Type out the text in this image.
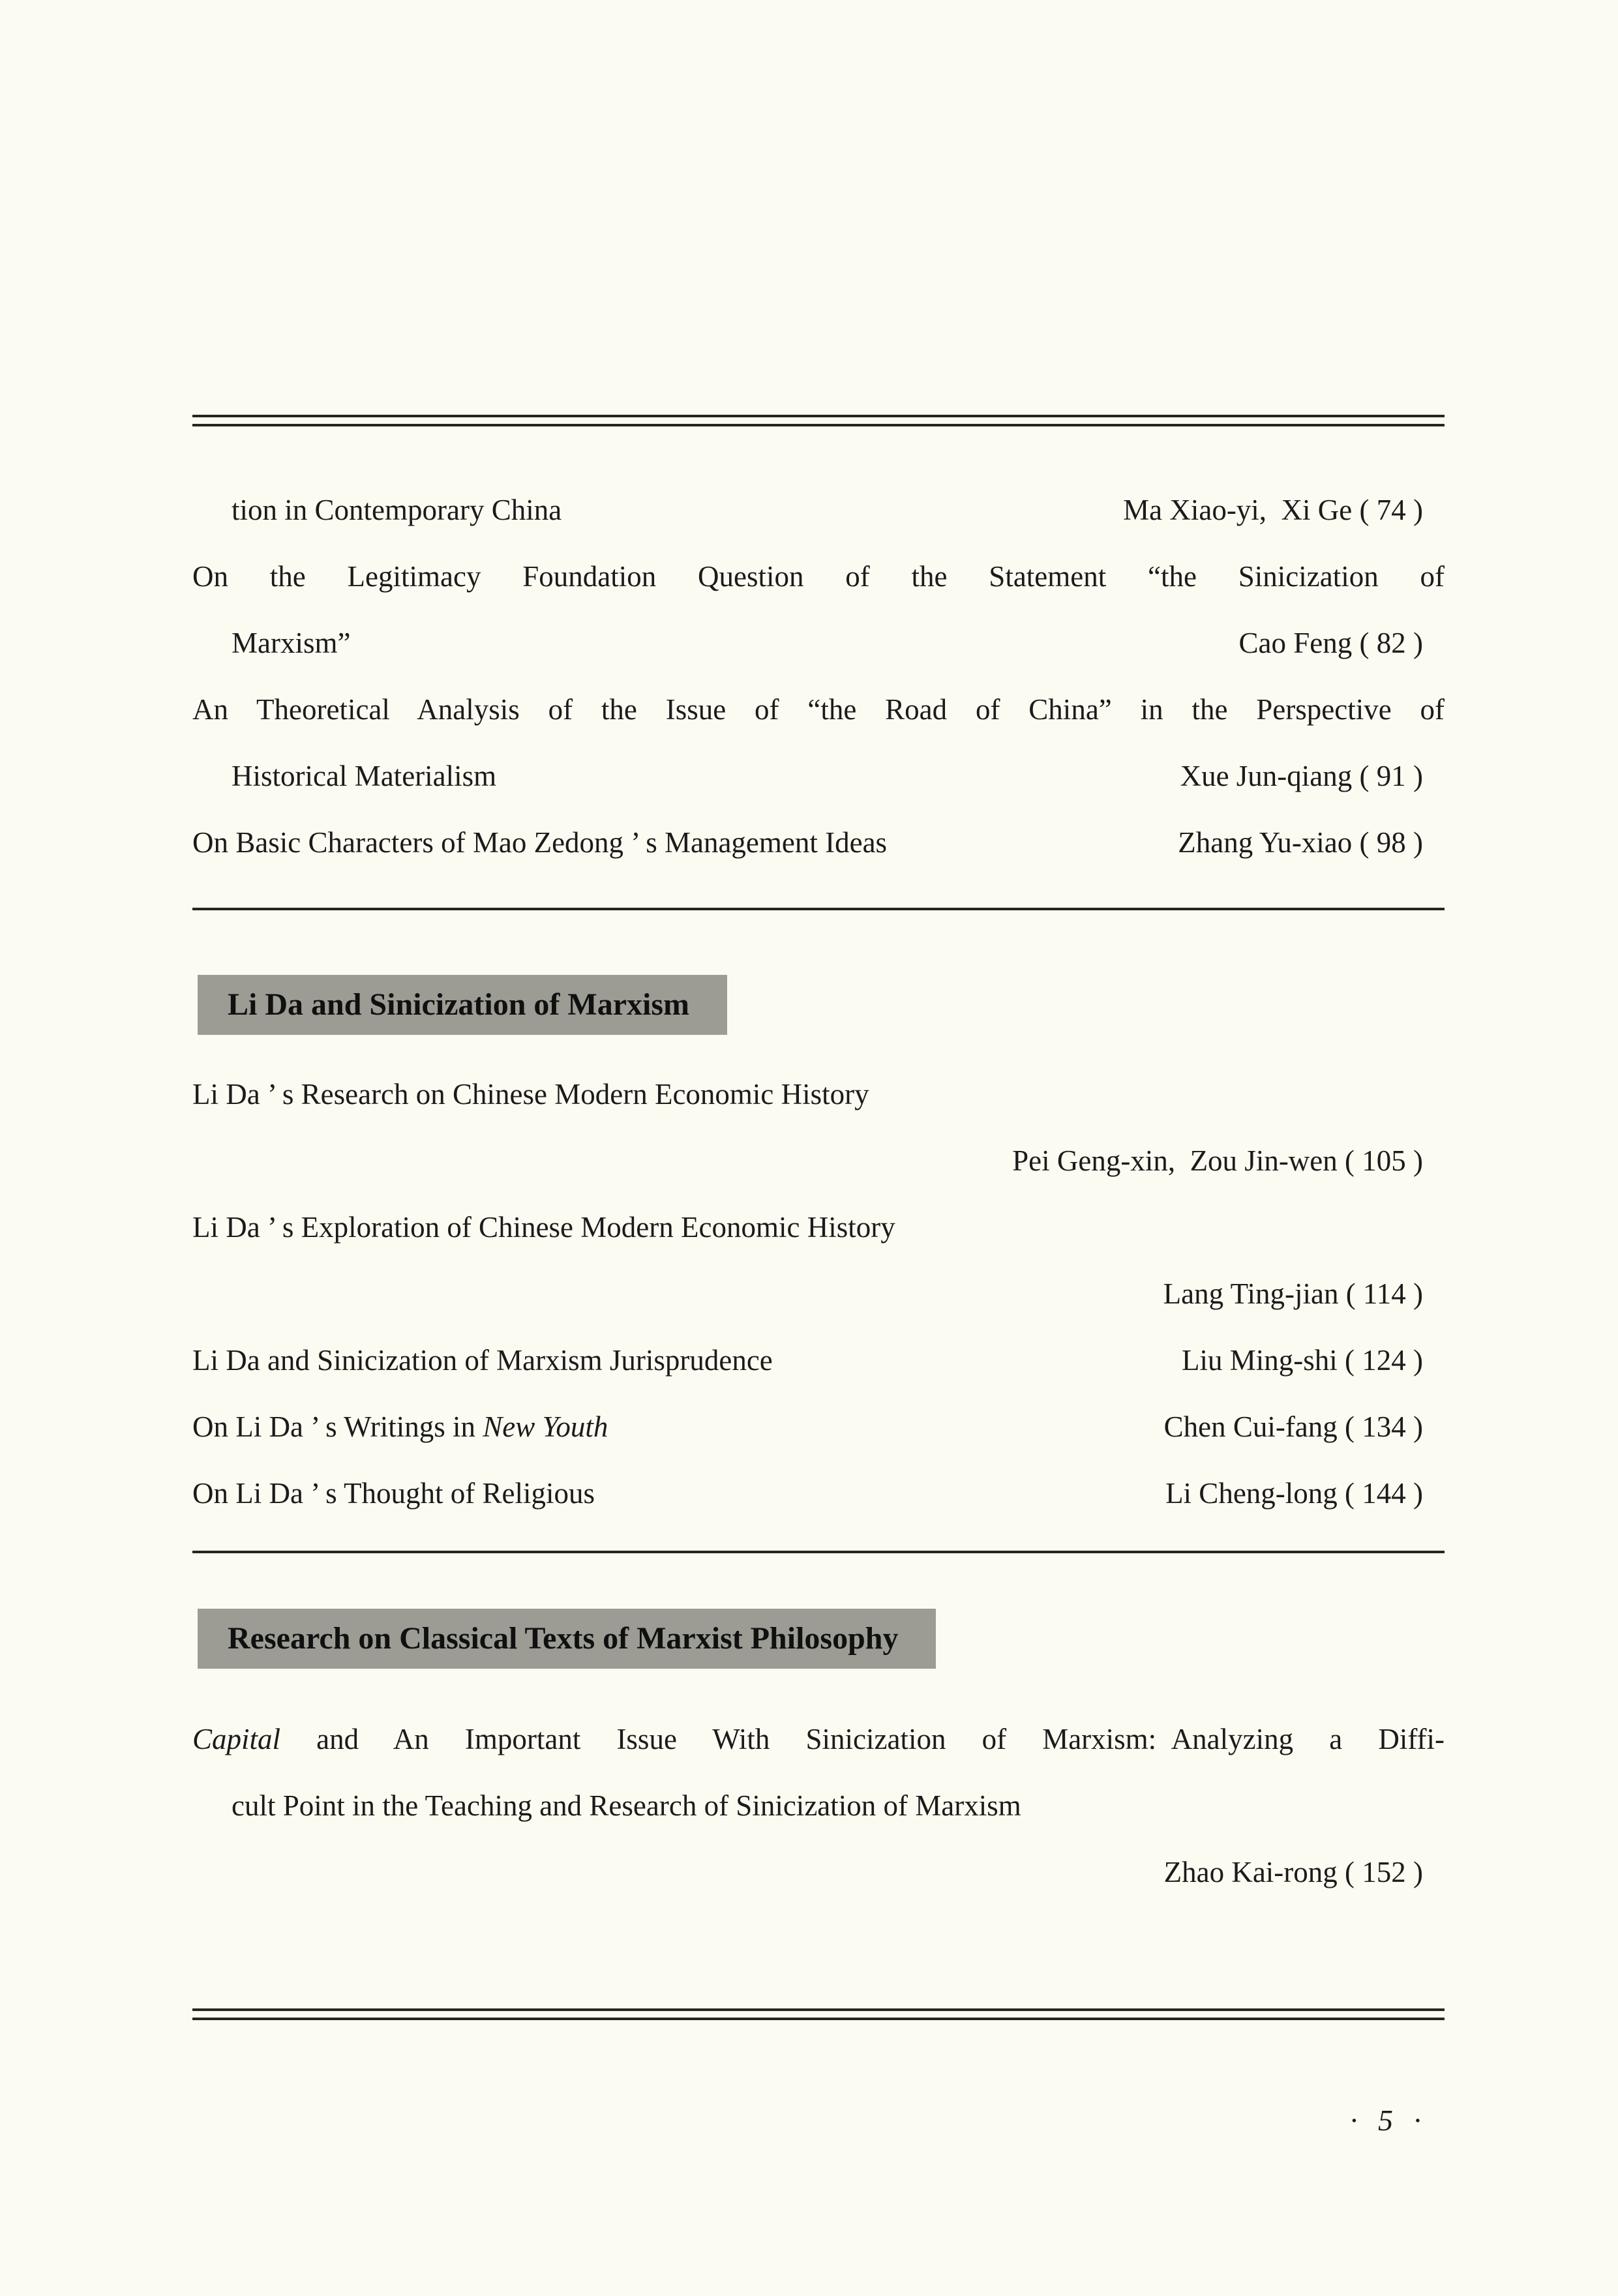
tion in Contemporary China	Ma Xiao-yi, Xi Ge ( 74 )
On the Legitimacy Foundation Question of the Statement “the Sinicization of
Marxism”	Cao Feng ( 82 )
An Theoretical Analysis of the Issue of “the Road of China” in the Perspective of
Historical Materialism	Xue Jun-qiang ( 91 )
On Basic Characters of Mao Zedong ’ s Management Ideas	Zhang Yu-xiao ( 98 )
Li Da and Sinicization of Marxism
Li Da ’ s Research on Chinese Modern Economic History
Pei Geng-xin, Zou Jin-wen ( 105 )
Li Da ’ s Exploration of Chinese Modern Economic History
Lang Ting-jian ( 114 )
Li Da and Sinicization of Marxism Jurisprudence	Liu Ming-shi ( 124 )
On Li Da ’ s Writings in New Youth	Chen Cui-fang ( 134 )
On Li Da ’ s Thought of Religious	Li Cheng-long ( 144 )
Research on Classical Texts of Marxist Philosophy
Capital and An Important Issue With Sinicization of Marxism: Analyzing a Diffi-
cult Point in the Teaching and Research of Sinicization of Marxism
Zhao Kai-rong ( 152 )
· 5 ·
